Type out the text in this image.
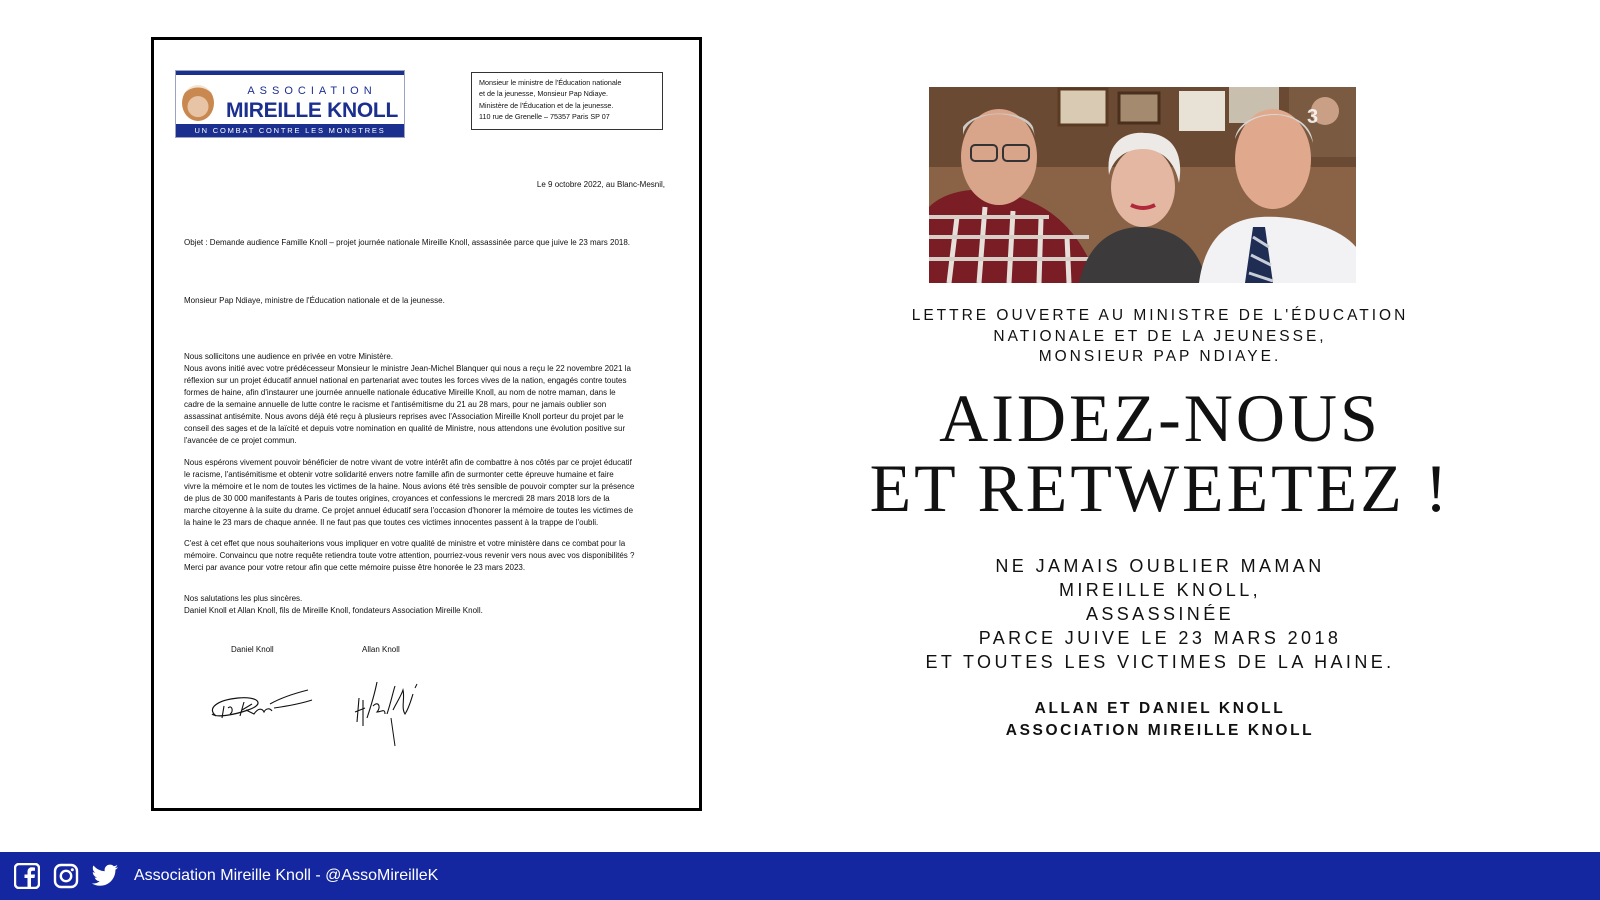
ASSOCIATION
MIREILLE KNOLL
UN COMBAT CONTRE LES MONSTRES
Monsieur le ministre de l'Éducation nationale
et de la jeunesse, Monsieur Pap Ndiaye.
Ministère de l'Éducation et de la jeunesse.
110 rue de Grenelle – 75357 Paris SP 07
Le 9 octobre 2022, au Blanc-Mesnil,
Objet : Demande audience Famille Knoll – projet journée nationale Mireille Knoll, assassinée parce que juive le 23 mars 2018.
Monsieur Pap Ndiaye, ministre de l'Éducation nationale et de la jeunesse.
Nous sollicitons une audience en privée en votre Ministère.
Nous avons initié avec votre prédécesseur Monsieur le ministre Jean-Michel Blanquer qui nous a reçu le 22 novembre 2021 la
réflexion sur un projet éducatif annuel national en partenariat avec toutes les forces vives de la nation, engagés contre toutes
formes de haine, afin d'instaurer une journée annuelle nationale éducative Mireille Knoll, au nom de notre maman, dans le
cadre de la semaine annuelle de lutte contre le racisme et l'antisémitisme du 21 au 28 mars, pour ne jamais oublier son
assassinat antisémite. Nous avons déjà été reçu à plusieurs reprises avec l'Association Mireille Knoll porteur du projet par le
conseil des sages et de la laïcité et depuis votre nomination en qualité de Ministre, nous attendons une évolution positive sur
l'avancée de ce projet commun.
Nous espérons vivement pouvoir bénéficier de notre vivant de votre intérêt afin de combattre à nos côtés par ce projet éducatif
le racisme, l'antisémitisme et obtenir votre solidarité envers notre famille afin de surmonter cette épreuve humaine et faire
vivre la mémoire et le nom de toutes les victimes de la haine. Nous avions été très sensible de pouvoir compter sur la présence
de plus de 30 000 manifestants à Paris de toutes origines, croyances et confessions le mercredi 28 mars 2018 lors de la
marche citoyenne à la suite du drame. Ce projet annuel éducatif sera l'occasion d'honorer la mémoire de toutes les victimes de
la haine le 23 mars de chaque année. Il ne faut pas que toutes ces victimes innocentes passent à la trappe de l'oubli.
C'est à cet effet que nous souhaiterions vous impliquer en votre qualité de ministre et votre ministère dans ce combat pour la
mémoire. Convaincu que notre requête retiendra toute votre attention, pourriez-vous revenir vers nous avec vos disponibilités ?
Merci par avance pour votre retour afin que cette mémoire puisse être honorée le 23 mars 2023.
Nos salutations les plus sincères.
Daniel Knoll et Allan Knoll, fils de Mireille Knoll, fondateurs Association Mireille Knoll.
Daniel Knoll	Allan Knoll
3
LETTRE OUVERTE AU MINISTRE DE L'ÉDUCATION
NATIONALE ET DE LA JEUNESSE,
MONSIEUR PAP NDIAYE.
AIDEZ-NOUS
ET RETWEETEZ !
NE JAMAIS OUBLIER MAMAN
MIREILLE KNOLL,
ASSASSINÉE
PARCE JUIVE LE 23 MARS 2018
ET TOUTES LES VICTIMES DE LA HAINE.
ALLAN ET DANIEL KNOLL
ASSOCIATION MIREILLE KNOLL
Association Mireille Knoll - @AssoMireilleK
